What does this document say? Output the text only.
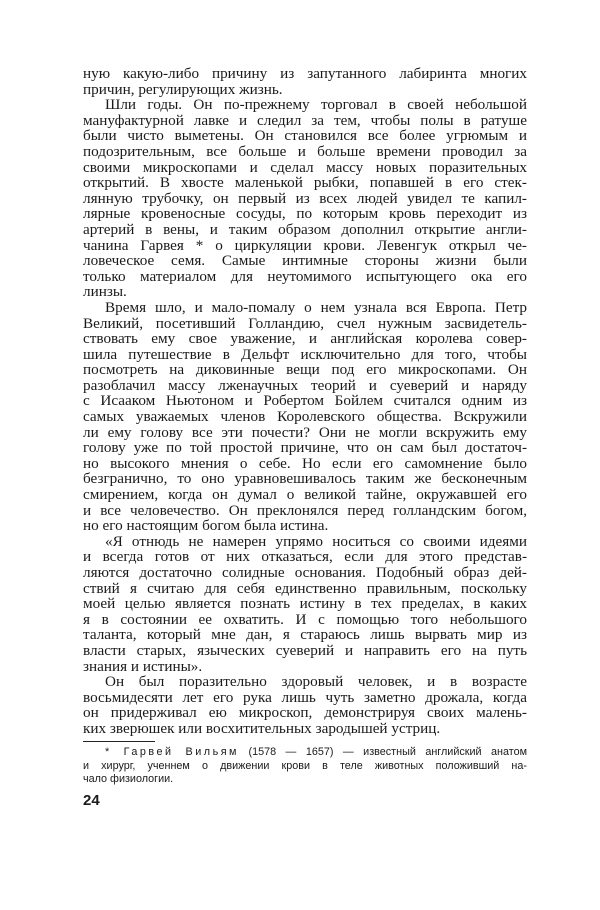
ную какую-либо причину из запутанного лабиринта многих
причин, регулирующих жизнь.
Шли годы. Он по-прежнему торговал в своей небольшой
мануфактурной лавке и следил за тем, чтобы полы в ратуше
были чисто выметены. Он становился все более угрюмым и
подозрительным, все больше и больше времени проводил за
своими микроскопами и сделал массу новых поразительных
открытий. В хвосте маленькой рыбки, попавшей в его стек-
лянную трубочку, он первый из всех людей увидел те капил-
лярные кровеносные сосуды, по которым кровь переходит из
артерий в вены, и таким образом дополнил открытие англи-
чанина Гарвея * о циркуляции крови. Левенгук открыл че-
ловеческое семя. Самые интимные стороны жизни были
только материалом для неутомимого испытующего ока его
линзы.
Время шло, и мало-помалу о нем узнала вся Европа. Петр
Великий, посетивший Голландию, счел нужным засвидетель-
ствовать ему свое уважение, и английская королева совер-
шила путешествие в Дельфт исключительно для того, чтобы
посмотреть на диковинные вещи под его микроскопами. Он
разоблачил массу лженаучных теорий и суеверий и наряду
с Исааком Ньютоном и Робертом Бойлем считался одним из
самых уважаемых членов Королевского общества. Вскружили
ли ему голову все эти почести? Они не могли вскружить ему
голову уже по той простой причине, что он сам был достаточ-
но высокого мнения о себе. Но если его самомнение было
безгранично, то оно уравновешивалось таким же бесконечным
смирением, когда он думал о великой тайне, окружавшей его
и все человечество. Он преклонялся перед голландским богом,
но его настоящим богом была истина.
«Я отнюдь не намерен упрямо носиться со своими идеями
и всегда готов от них отказаться, если для этого представ-
ляются достаточно солидные основания. Подобный образ дей-
ствий я считаю для себя единственно правильным, поскольку
моей целью является познать истину в тех пределах, в каких
я в состоянии ее охватить. И с помощью того небольшого
таланта, который мне дан, я стараюсь лишь вырвать мир из
власти старых, языческих суеверий и направить его на путь
знания и истины».
Он был поразительно здоровый человек, и в возрасте
восьмидесяти лет его рука лишь чуть заметно дрожала, когда
он придерживал ею микроскоп, демонстрируя своих малень-
ких зверюшек или восхитительных зародышей устриц.
* Гарвей Вильям (1578 — 1657) — известный английский анатом
и хирург, ученнем о движении крови в теле животных положивший на-
чало физиологии.
24
